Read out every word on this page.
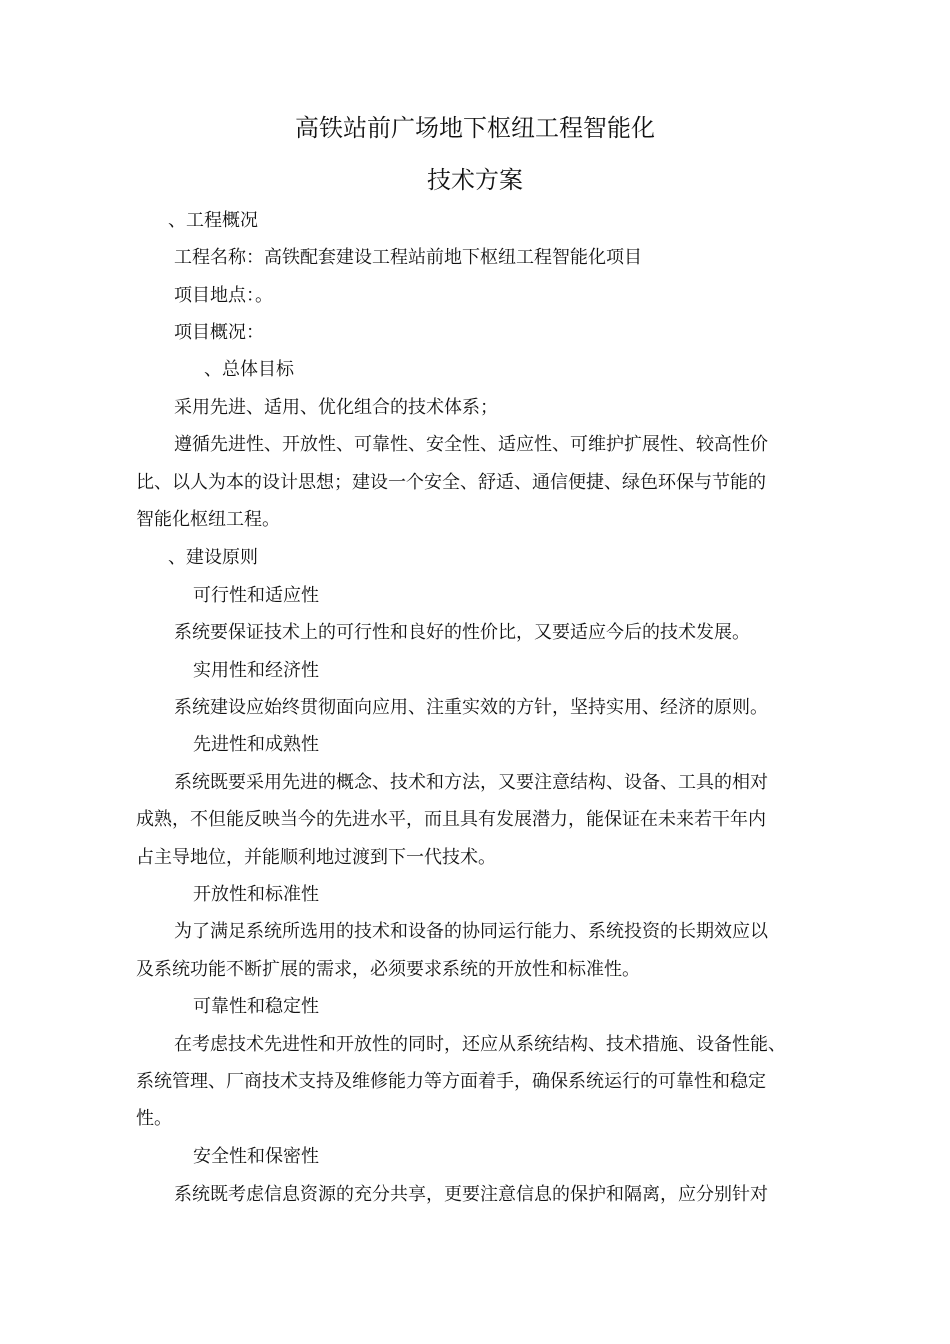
高铁站前广场地下枢纽工程智能化
技术方案

、工程概况

工程名称：高铁配套建设工程站前地下枢纽工程智能化项目

项目地点：。

项目概况：

、总体目标

采用先进、适用、优化组合的技术体系；

遵循先进性、开放性、可靠性、安全性、适应性、可维护扩展性、较高性价

比、以人为本的设计思想；建设一个安全、舒适、通信便捷、绿色环保与节能的

智能化枢纽工程。

、建设原则

可行性和适应性

系统要保证技术上的可行性和良好的性价比，又要适应今后的技术发展。

实用性和经济性

系统建设应始终贯彻面向应用、注重实效的方针，坚持实用、经济的原则。

先进性和成熟性

系统既要采用先进的概念、技术和方法，又要注意结构、设备、工具的相对

成熟，不但能反映当今的先进水平，而且具有发展潜力，能保证在未来若干年内

占主导地位，并能顺利地过渡到下一代技术。

开放性和标准性

为了满足系统所选用的技术和设备的协同运行能力、系统投资的长期效应以

及系统功能不断扩展的需求，必须要求系统的开放性和标准性。

可靠性和稳定性

在考虑技术先进性和开放性的同时，还应从系统结构、技术措施、设备性能、

系统管理、厂商技术支持及维修能力等方面着手，确保系统运行的可靠性和稳定

性。

安全性和保密性

系统既考虑信息资源的充分共享，更要注意信息的保护和隔离，应分别针对
